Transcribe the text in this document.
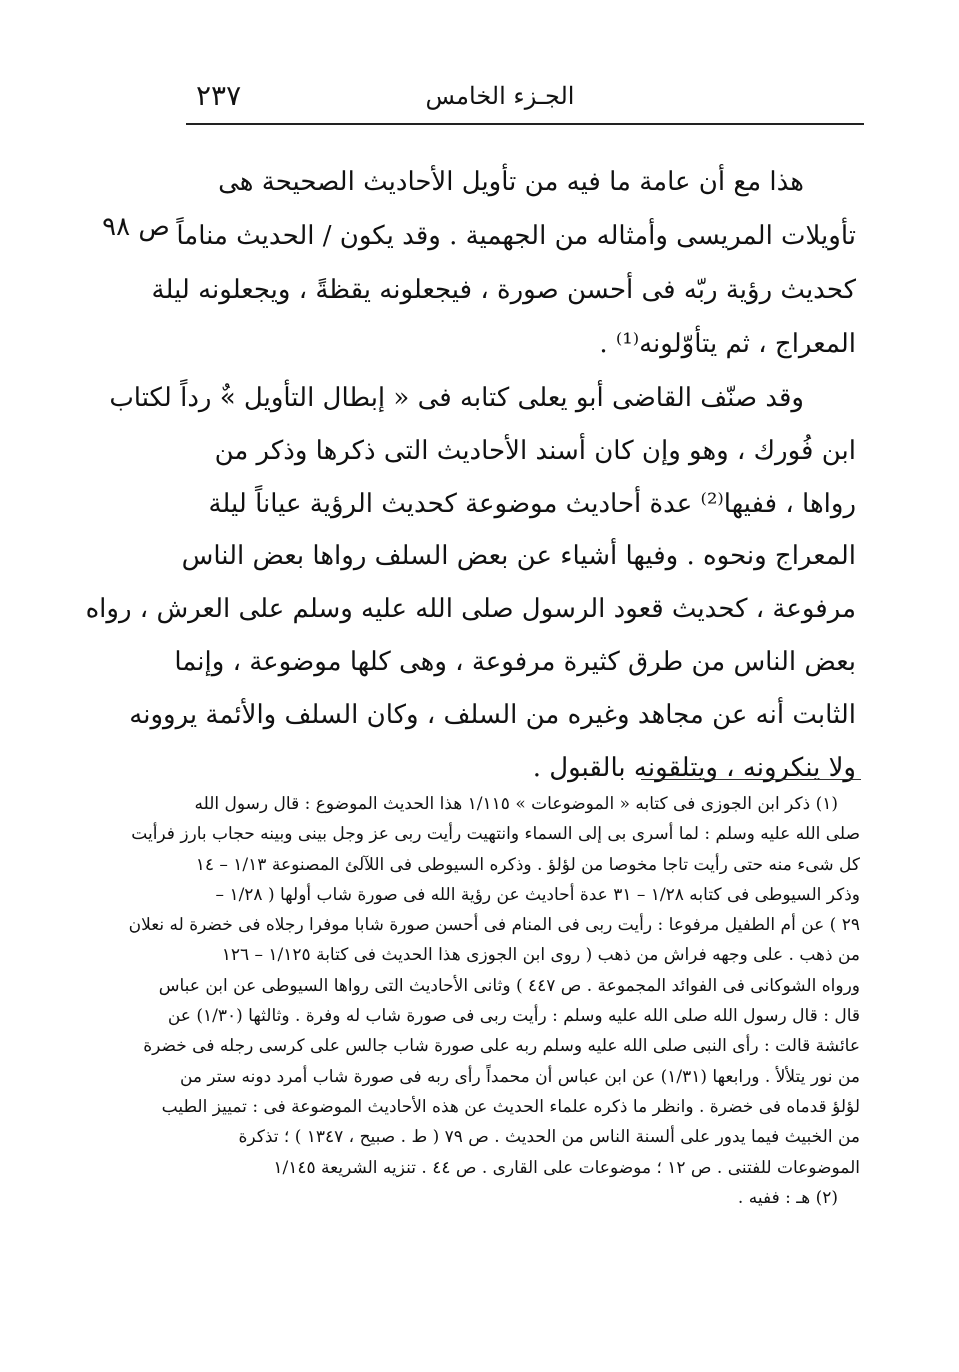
٢٣٧	الجـزء الخامس
ص ٩٨
هذا مع أن عامة ما فيه من تأويل الأحاديث الصحيحة هى
تأويلات المريسى وأمثاله من الجهمية . وقد يكون / الحديث مناماً
كحديث رؤية ربّه فى أحسن صورة ، فيجعلونه يقظةً ، ويجعلونه ليلة
المعراج ، ثم يتأوّلونه⁽¹⁾ .
وقد صنّف القاضى أبو يعلى كتابه فى « إبطال التأويل »ٌ رداً لكتاب
ابن فُورك ، وهو وإن كان أسند الأحاديث التى ذكرها وذكر من
رواها ، ففيها⁽²⁾ عدة أحاديث موضوعة كحديث الرؤية عياناً ليلة
المعراج ونحوه . وفيها أشياء عن بعض السلف رواها بعض الناس
مرفوعة ، كحديث قعود الرسول صلى الله عليه وسلم على العرش ، رواه
بعض الناس من طرق كثيرة مرفوعة ، وهى كلها موضوعة ، وإنما
الثابت أنه عن مجاهد وغيره من السلف ، وكان السلف والأئمة يروونه
ولا ينكرونه ، ويتلقونه بالقبول .
(١) ذكر ابن الجوزى فى كتابه « الموضوعات » ١/١١٥ هذا الحديث الموضوع : قال رسول الله
صلى الله عليه وسلم : لما أسرى بى إلى السماء وانتهيت رأيت ربى عز وجل بينى وبينه حجاب بارز فرأيت
كل شىء منه حتى رأيت تاجا مخوصا من لؤلؤ . وذكره السيوطى فى اللآلئ المصنوعة ١/١٣ – ١٤
وذكر السيوطى فى كتابه ١/٢٨ – ٣١ عدة أحاديث عن رؤية الله فى صورة شاب أولها ( ١/٢٨ –
٢٩ ) عن أم الطفيل مرفوعا : رأيت ربى فى المنام فى أحسن صورة شابا موفرا رجلاه فى خضرة له نعلان
من ذهب . على وجهه فراش من ذهب ( روى ابن الجوزى هذا الحديث فى كتابة ١/١٢٥ – ١٢٦
ورواه الشوكانى فى الفوائد المجموعة . ص ٤٤٧ ) وثانى الأحاديث التى رواها السيوطى عن ابن عباس
قال : قال رسول الله صلى الله عليه وسلم : رأيت ربى فى صورة شاب له وفرة . وثالثها (١/٣٠) عن
عائشة قالت : رأى النبى صلى الله عليه وسلم ربه على صورة شاب جالس على كرسى رجله فى خضرة
من نور يتلألأ . ورابعها (١/٣١) عن ابن عباس أن محمداً رأى ربه فى صورة شاب أمرد دونه ستر من
لؤلؤ قدماه فى خضرة . وانظر ما ذكره علماء الحديث عن هذه الأحاديث الموضوعة فى : تمييز الطيب
من الخبيث فيما يدور على ألسنة الناس من الحديث . ص ٧٩ ( ط . صبيح ، ١٣٤٧ ) ؛ تذكرة
الموضوعات للفتنى . ص ١٢ ؛ موضوعات على القارى . ص ٤٤ . تنزيه الشريعة ١/١٤٥
(٢) هـ : ففيه .
